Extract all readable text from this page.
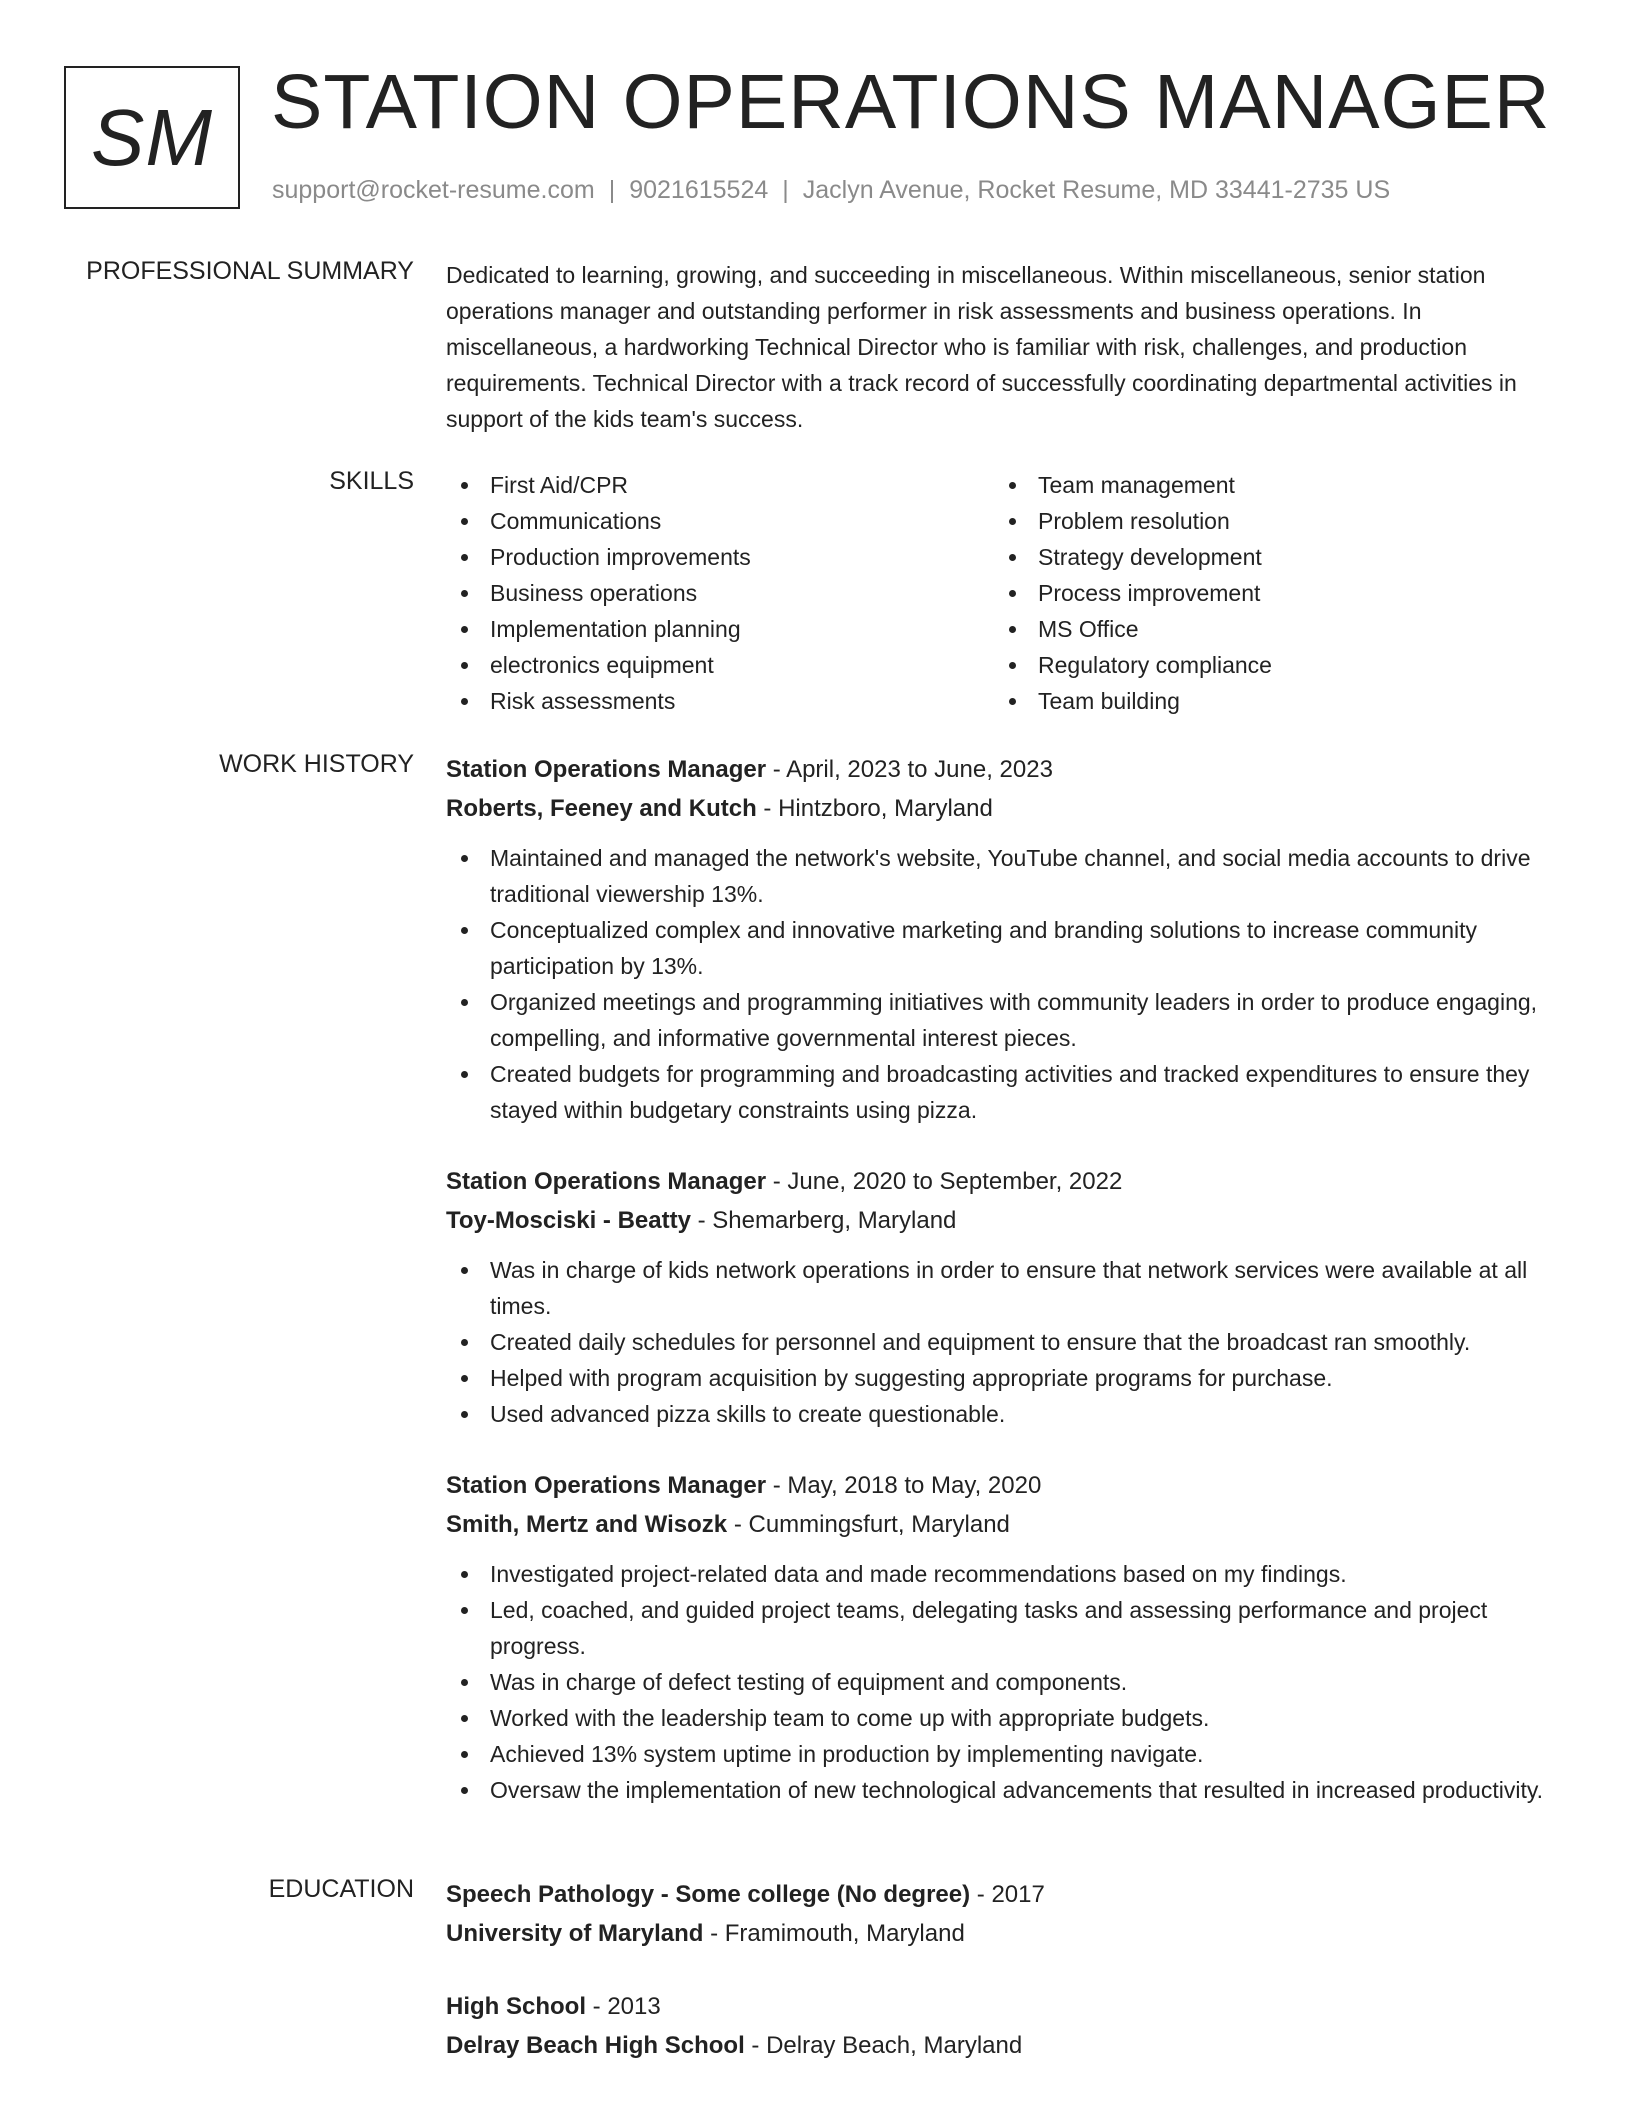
SM STATION OPERATIONS MANAGER
support@rocket-resume.com | 9021615524 | Jaclyn Avenue, Rocket Resume, MD 33441-2735 US
PROFESSIONAL SUMMARY Dedicated to learning, growing, and succeeding in miscellaneous. Within miscellaneous, senior station operations manager and outstanding performer in risk assessments and business operations. In miscellaneous, a hardworking Technical Director who is familiar with risk, challenges, and production requirements. Technical Director with a track record of successfully coordinating departmental activities in support of the kids team's success.

SKILLS	First Aid/CPR
Communications
Production improvements
Business operations
Implementation planning
electronics equipment
Risk assessments
Team management
Problem resolution
Strategy development
Process improvement
MS Office
Regulatory compliance
Team building
WORK HISTORY Station Operations Manager - April, 2023 to June, 2023
Roberts, Feeney and Kutch - Hintzboro, Maryland
Maintained and managed the network's website, YouTube channel, and social media accounts to drive traditional viewership 13%.
Conceptualized complex and innovative marketing and branding solutions to increase community participation by 13%.
Organized meetings and programming initiatives with community leaders in order to produce engaging, compelling, and informative governmental interest pieces.
Created budgets for programming and broadcasting activities and tracked expenditures to ensure they stayed within budgetary constraints using pizza.
Station Operations Manager - June, 2020 to September, 2022
Toy-Mosciski - Beatty - Shemarberg, Maryland
Was in charge of kids network operations in order to ensure that network services were available at all times.
Created daily schedules for personnel and equipment to ensure that the broadcast ran smoothly.
Helped with program acquisition by suggesting appropriate programs for purchase.
Used advanced pizza skills to create questionable.
Station Operations Manager - May, 2018 to May, 2020
Smith, Mertz and Wisozk - Cummingsfurt, Maryland
Investigated project-related data and made recommendations based on my findings.
Led, coached, and guided project teams, delegating tasks and assessing performance and project progress.
Was in charge of defect testing of equipment and components.
Worked with the leadership team to come up with appropriate budgets.
Achieved 13% system uptime in production by implementing navigate.
Oversaw the implementation of new technological advancements that resulted in increased productivity.
EDUCATION Speech Pathology - Some college (No degree) - 2017
University of Maryland - Framimouth, Maryland
High School - 2013
Delray Beach High School - Delray Beach, Maryland
